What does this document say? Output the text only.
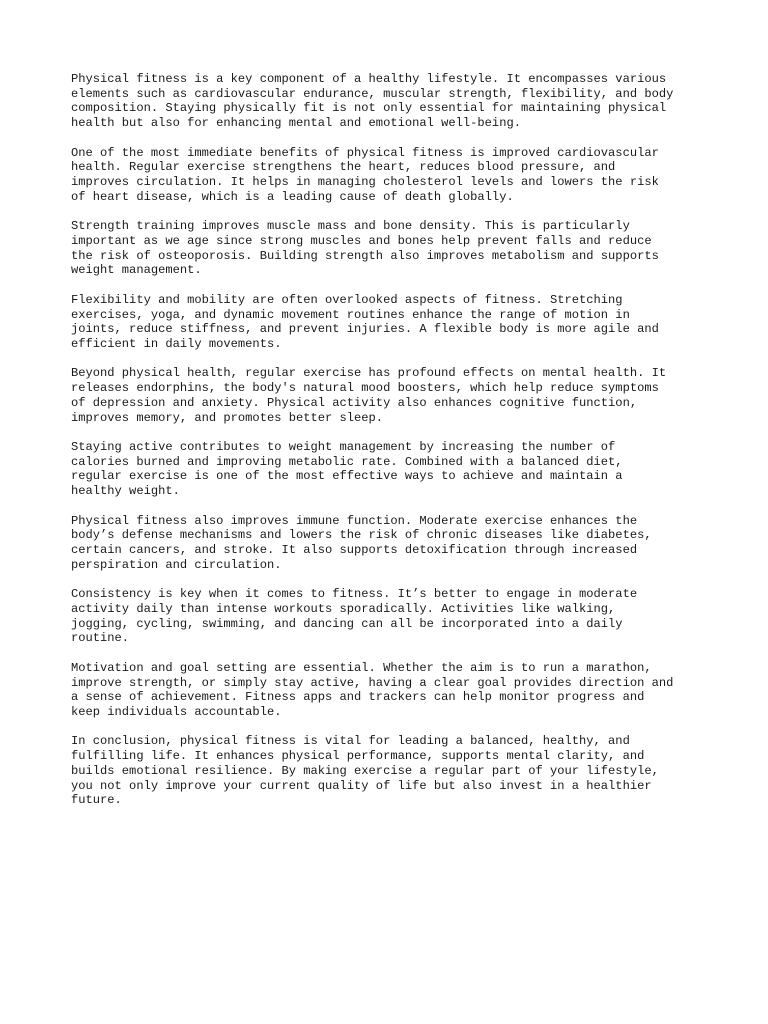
Physical fitness is a key component of a healthy lifestyle. It encompasses various
elements such as cardiovascular endurance, muscular strength, flexibility, and body
composition. Staying physically fit is not only essential for maintaining physical
health but also for enhancing mental and emotional well-being.

One of the most immediate benefits of physical fitness is improved cardiovascular
health. Regular exercise strengthens the heart, reduces blood pressure, and
improves circulation. It helps in managing cholesterol levels and lowers the risk
of heart disease, which is a leading cause of death globally.

Strength training improves muscle mass and bone density. This is particularly
important as we age since strong muscles and bones help prevent falls and reduce
the risk of osteoporosis. Building strength also improves metabolism and supports
weight management.

Flexibility and mobility are often overlooked aspects of fitness. Stretching
exercises, yoga, and dynamic movement routines enhance the range of motion in
joints, reduce stiffness, and prevent injuries. A flexible body is more agile and
efficient in daily movements.

Beyond physical health, regular exercise has profound effects on mental health. It
releases endorphins, the body's natural mood boosters, which help reduce symptoms
of depression and anxiety. Physical activity also enhances cognitive function,
improves memory, and promotes better sleep.

Staying active contributes to weight management by increasing the number of
calories burned and improving metabolic rate. Combined with a balanced diet,
regular exercise is one of the most effective ways to achieve and maintain a
healthy weight.

Physical fitness also improves immune function. Moderate exercise enhances the
body’s defense mechanisms and lowers the risk of chronic diseases like diabetes,
certain cancers, and stroke. It also supports detoxification through increased
perspiration and circulation.

Consistency is key when it comes to fitness. It’s better to engage in moderate
activity daily than intense workouts sporadically. Activities like walking,
jogging, cycling, swimming, and dancing can all be incorporated into a daily
routine.

Motivation and goal setting are essential. Whether the aim is to run a marathon,
improve strength, or simply stay active, having a clear goal provides direction and
a sense of achievement. Fitness apps and trackers can help monitor progress and
keep individuals accountable.

In conclusion, physical fitness is vital for leading a balanced, healthy, and
fulfilling life. It enhances physical performance, supports mental clarity, and
builds emotional resilience. By making exercise a regular part of your lifestyle,
you not only improve your current quality of life but also invest in a healthier
future.
